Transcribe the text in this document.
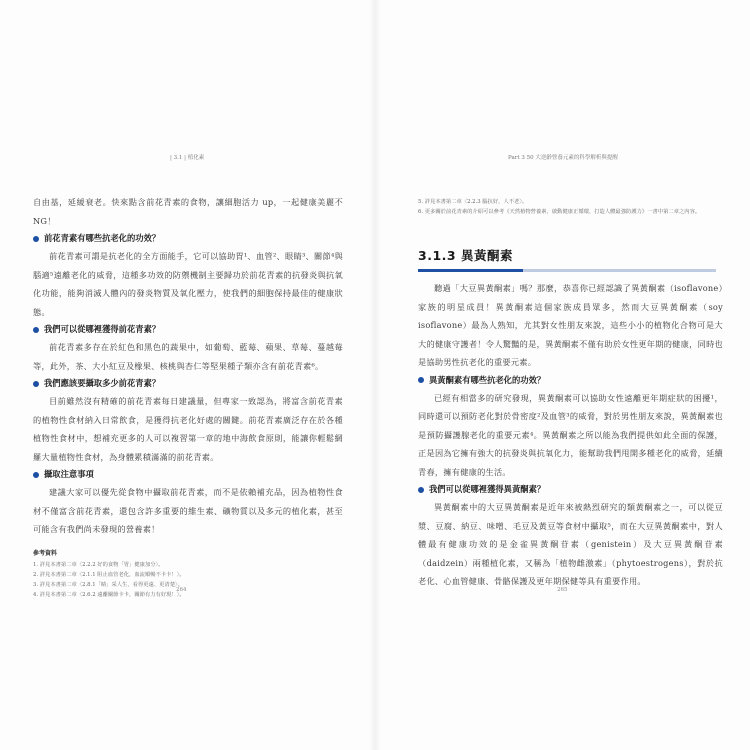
| 3.1 | 植化素

自由基，延緩衰老。快來點含前花青素的食物，讓細胞活力 up，一起健康美麗不 NG！

前花青素有哪些抗老化的功效？

前花青素可謂是抗老化的全方面能手，它可以協助胃¹、血管²、眼睛³、關節⁴與腦適⁵遠離老化的威脅，這種多功效的防禦機制主要歸功於前花青素的抗發炎與抗氧化功能，能夠消滅人體內的發炎物質及氧化壓力，使我們的細胞保持最佳的健康狀態。

我們可以從哪裡獲得前花青素？

前花青素多存在於紅色和黑色的蔬果中，如葡萄、藍莓、蘋果、草莓、蔓越莓等，此外，茶、大小紅豆及橡果、核桃與杏仁等堅果種子類亦含有前花青素⁶。

我們應該要攝取多少前花青素？

目前雖然沒有精確的前花青素每日建議量，但專家一致認為，將富含前花青素的植物性食材納入日常飲食，是獲得抗老化好處的關鍵。前花青素廣泛存在於各種植物性食材中，想補充更多的人可以複習第一章的地中海飲食原則，能讓你輕鬆網羅大量植物性食材，為身體累積滿滿的前花青素。

攝取注意事項

建議大家可以優先從食物中攝取前花青素，而不是依賴補充品，因為植物性食材不僅富含前花青素，還包含許多重要的維生素、礦物質以及多元的植化素，甚至可能含有我們尚未發現的營養素！

參考資料
1. 詳見本書第二章〈2.2.2 好的食物「胃」健康加分〉。
2. 詳見本書第二章〈2.1.1 阻止血管老化，血流順暢不卡卡！〉。
3. 詳見本書第二章〈2.8.1「睛」采人生，看得更遠、更清楚〉。
4. 詳見本書第二章〈2.6.2 遠離關節卡卡，關節有力有好現！〉。
264
Part 3 50 大逆齡營養元素的科學解析與提醒
5. 詳見本書第二章〈2.2.3 腦抗好，人不老〉。
6. 更多關於前花青素的介紹可以參考《天然植物營養素，啟動健康正循環，打造人體最強防護力》一書中第二章之內容。
3.1.3 異黃酮素

聽過「大豆異黃酮素」嗎？那麼，恭喜你已經認識了異黃酮素（isoflavone）家族的明星成員！異黃酮素這個家族成員眾多，然而大豆異黃酮素（soy isoflavone）最為人熟知，尤其對女性朋友來說，這些小小的植物化合物可是大大的健康守護者！令人驚豔的是，異黃酮素不僅有助於女性更年期的健康，同時也是協助男性抗老化的重要元素。

異黃酮素有哪些抗老化的功效？

已經有相當多的研究發現，異黃酮素可以協助女性遠離更年期症狀的困擾¹，同時還可以預防老化對於骨密度²及血管³的威脅，對於男性朋友來說，異黃酮素也是預防攝護腺老化的重要元素⁴。異黃酮素之所以能為我們提供如此全面的保護，正是因為它擁有強大的抗發炎與抗氧化力，能幫助我們甩開多種老化的威脅，延續青春，擁有健康的生活。

我們可以從哪裡獲得異黃酮素？

異黃酮素中的大豆異黃酮素是近年來被熱烈研究的類黃酮素之一，可以從豆漿、豆腐、納豆、味噌、毛豆及黃豆等食材中攝取⁵，而在大豆異黃酮素中，對人體最有健康功效的是金雀異黃酮苷素（genistein）及大豆異黃酮苷素（daidzein）兩種植化素，又稱為「植物雌激素」（phytoestrogens），對於抗老化、心血管健康、骨骼保護及更年期保健等具有重要作用。

265
